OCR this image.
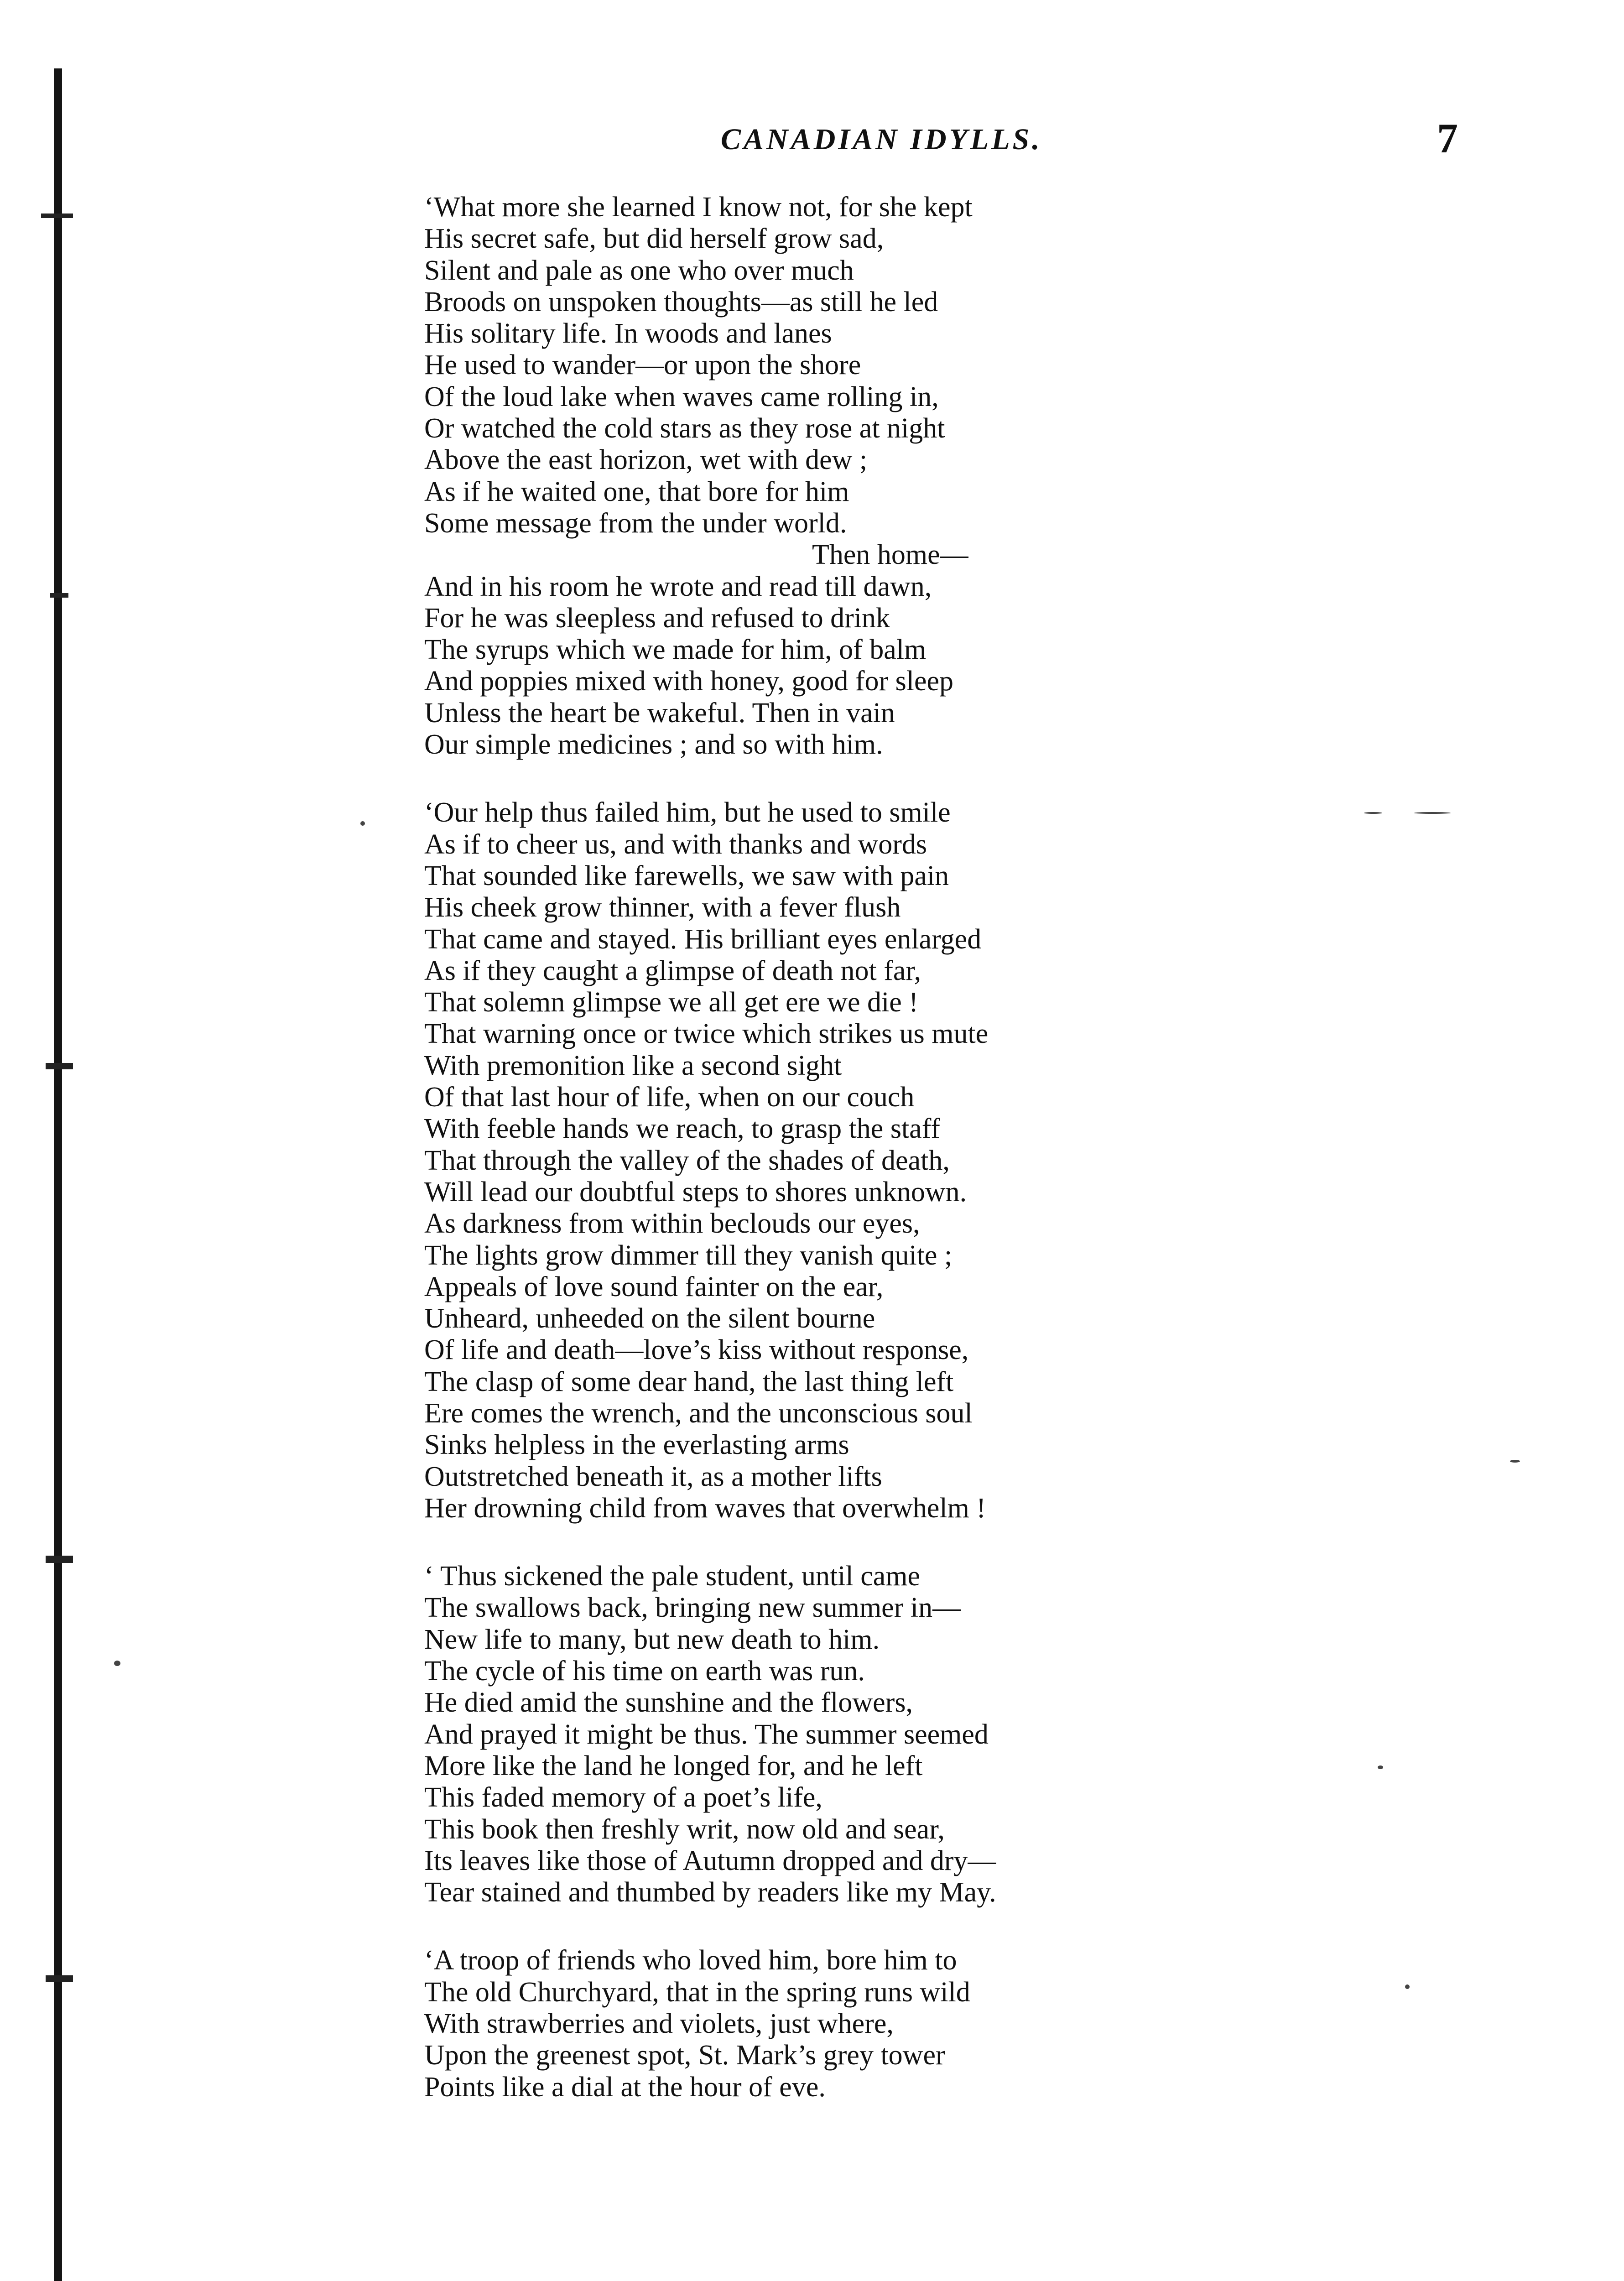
CANADIAN IDYLLS.	7
‘What more she learned I know not, for she kept
His secret safe, but did herself grow sad,
Silent and pale as one who over much
Broods on unspoken thoughts—as still he led
His solitary life. In woods and lanes
He used to wander—or upon the shore
Of the loud lake when waves came rolling in,
Or watched the cold stars as they rose at night
Above the east horizon, wet with dew ;
As if he waited one, that bore for him
Some message from the under world.
Then home—
And in his room he wrote and read till dawn,
For he was sleepless and refused to drink
The syrups which we made for him, of balm
And poppies mixed with honey, good for sleep
Unless the heart be wakeful. Then in vain
Our simple medicines ; and so with him.
‘Our help thus failed him, but he used to smile
As if to cheer us, and with thanks and words
That sounded like farewells, we saw with pain
His cheek grow thinner, with a fever flush
That came and stayed. His brilliant eyes enlarged
As if they caught a glimpse of death not far,
That solemn glimpse we all get ere we die !
That warning once or twice which strikes us mute
With premonition like a second sight
Of that last hour of life, when on our couch
With feeble hands we reach, to grasp the staff
That through the valley of the shades of death,
Will lead our doubtful steps to shores unknown.
As darkness from within beclouds our eyes,
The lights grow dimmer till they vanish quite ;
Appeals of love sound fainter on the ear,
Unheard, unheeded on the silent bourne
Of life and death—love’s kiss without response,
The clasp of some dear hand, the last thing left
Ere comes the wrench, and the unconscious soul
Sinks helpless in the everlasting arms
Outstretched beneath it, as a mother lifts
Her drowning child from waves that overwhelm !
‘ Thus sickened the pale student, until came
The swallows back, bringing new summer in—
New life to many, but new death to him.
The cycle of his time on earth was run.
He died amid the sunshine and the flowers,
And prayed it might be thus. The summer seemed
More like the land he longed for, and he left
This faded memory of a poet’s life,
This book then freshly writ, now old and sear,
Its leaves like those of Autumn dropped and dry—
Tear stained and thumbed by readers like my May.
‘A troop of friends who loved him, bore him to
The old Churchyard, that in the spring runs wild
With strawberries and violets, just where,
Upon the greenest spot, St. Mark’s grey tower
Points like a dial at the hour of eve.
